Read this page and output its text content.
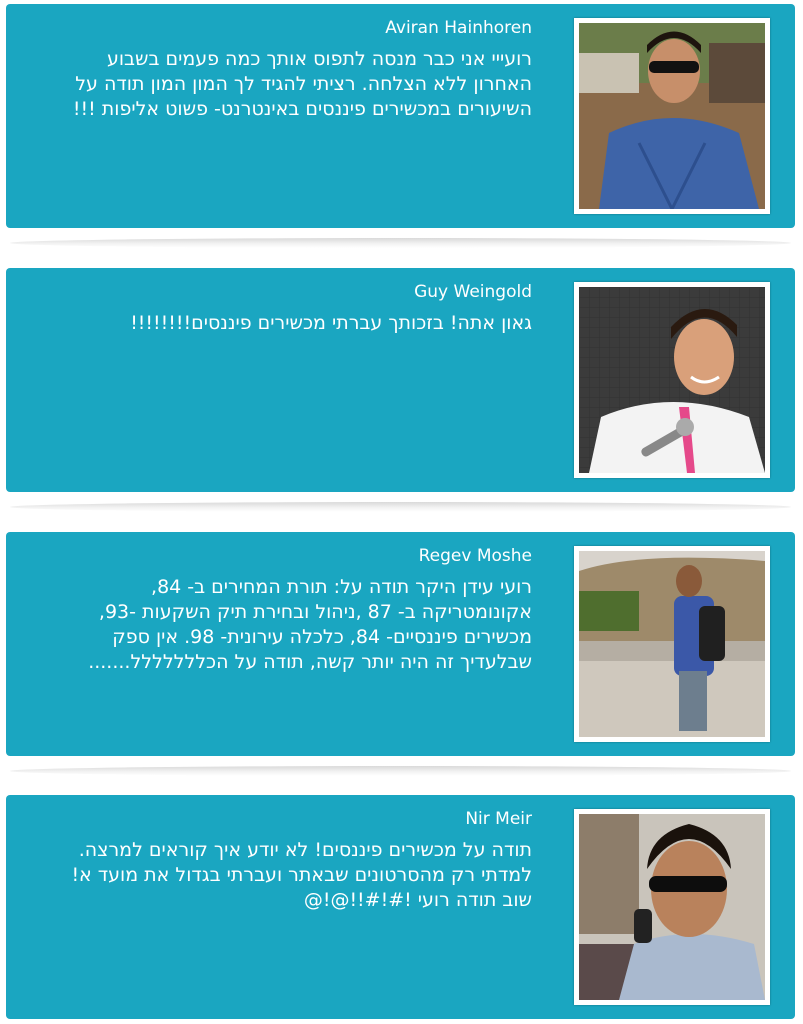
Aviran Hainhoren
רועייי אני כבר מנסה לתפוס אותך כמה פעמים בשבוע
האחרון ללא הצלחה. רציתי להגיד לך המון המון תודה על
השיעורים במכשירים פיננסים באינטרנט- פשוט אליפות !!!
Guy Weingold
גאון אתה! בזכותך עברתי מכשירים פיננסים!!!!!!!!
Regev Moshe
רועי עידן היקר תודה על: תורת המחירים ב- 84,
אקונומטריקה ב- 87 ,ניהול ובחירת תיק השקעות -93,
מכשירים פיננסיים- 84, כלכלה עירונית- 98. אין ספק
שבלעדיך זה היה יותר קשה, תודה על הכללללללל.......
Nir Meir
תודה על מכשירים פיננסים! לא יודע איך קוראים למרצה.
למדתי רק מהסרטונים שבאתר ועברתי בגדול את מועד א!
שוב תודה רועי !#!#!!@!@
